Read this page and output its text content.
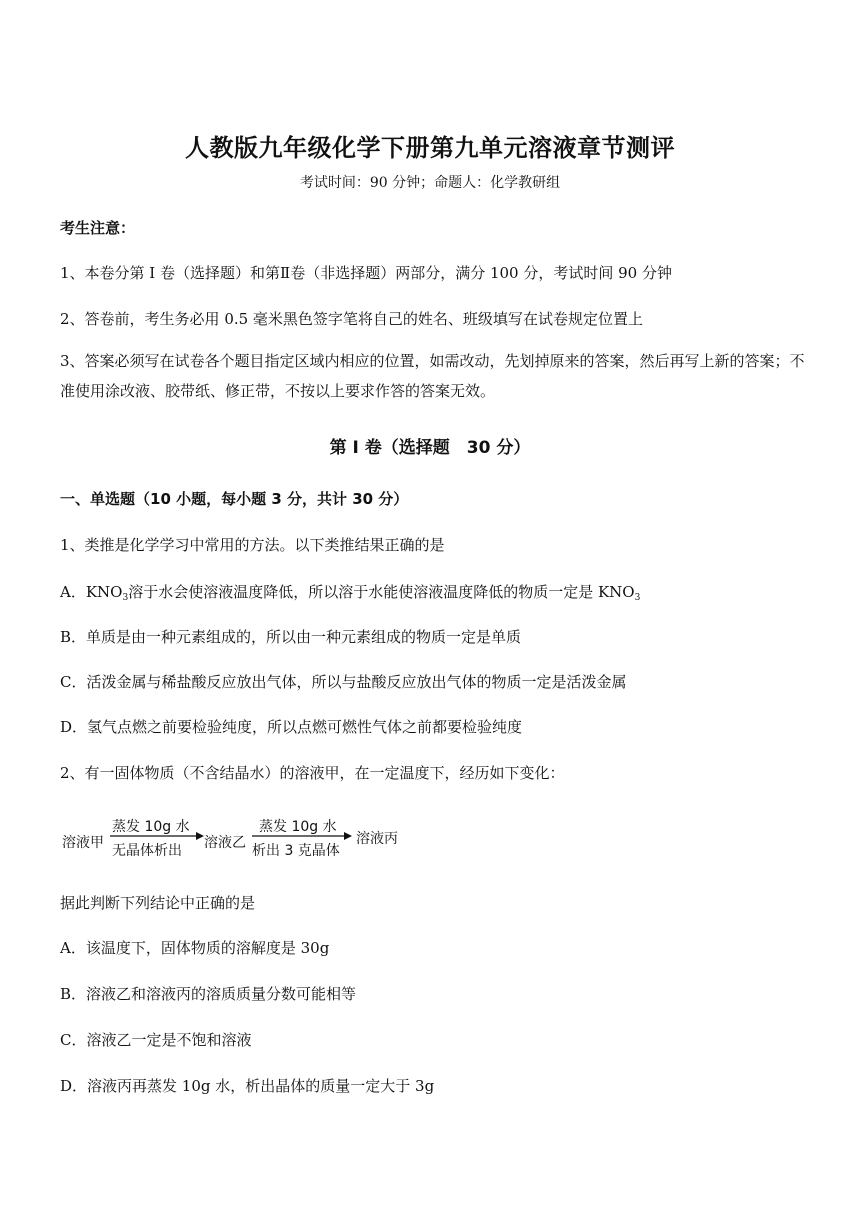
人教版九年级化学下册第九单元溶液章节测评
考试时间：90 分钟；命题人：化学教研组
考生注意：
1、本卷分第 I 卷（选择题）和第Ⅱ卷（非选择题）两部分，满分 100 分，考试时间 90 分钟
2、答卷前，考生务必用 0.5 毫米黑色签字笔将自己的姓名、班级填写在试卷规定位置上
3、答案必须写在试卷各个题目指定区域内相应的位置，如需改动，先划掉原来的答案，然后再写上新的答案；不准使用涂改液、胶带纸、修正带，不按以上要求作答的答案无效。
第 I 卷（选择题　30 分）
一、单选题（10 小题，每小题 3 分，共计 30 分）
1、类推是化学学习中常用的方法。以下类推结果正确的是
A．$KNO_3$溶于水会使溶液温度降低，所以溶于水能使溶液温度降低的物质一定是 $KNO_3$
B．单质是由一种元素组成的，所以由一种元素组成的物质一定是单质
C．活泼金属与稀盐酸反应放出气体，所以与盐酸反应放出气体的物质一定是活泼金属
D．氢气点燃之前要检验纯度，所以点燃可燃性气体之前都要检验纯度
2、有一固体物质（不含结晶水）的溶液甲，在一定温度下，经历如下变化：
溶液甲
蒸发 10g 水
无晶体析出 溶液乙
蒸发 10g 水
析出 3 克晶体
溶液丙
据此判断下列结论中正确的是
A．该温度下，固体物质的溶解度是 30g
B．溶液乙和溶液丙的溶质质量分数可能相等
C．溶液乙一定是不饱和溶液
D．溶液丙再蒸发 10g 水，析出晶体的质量一定大于 3g
